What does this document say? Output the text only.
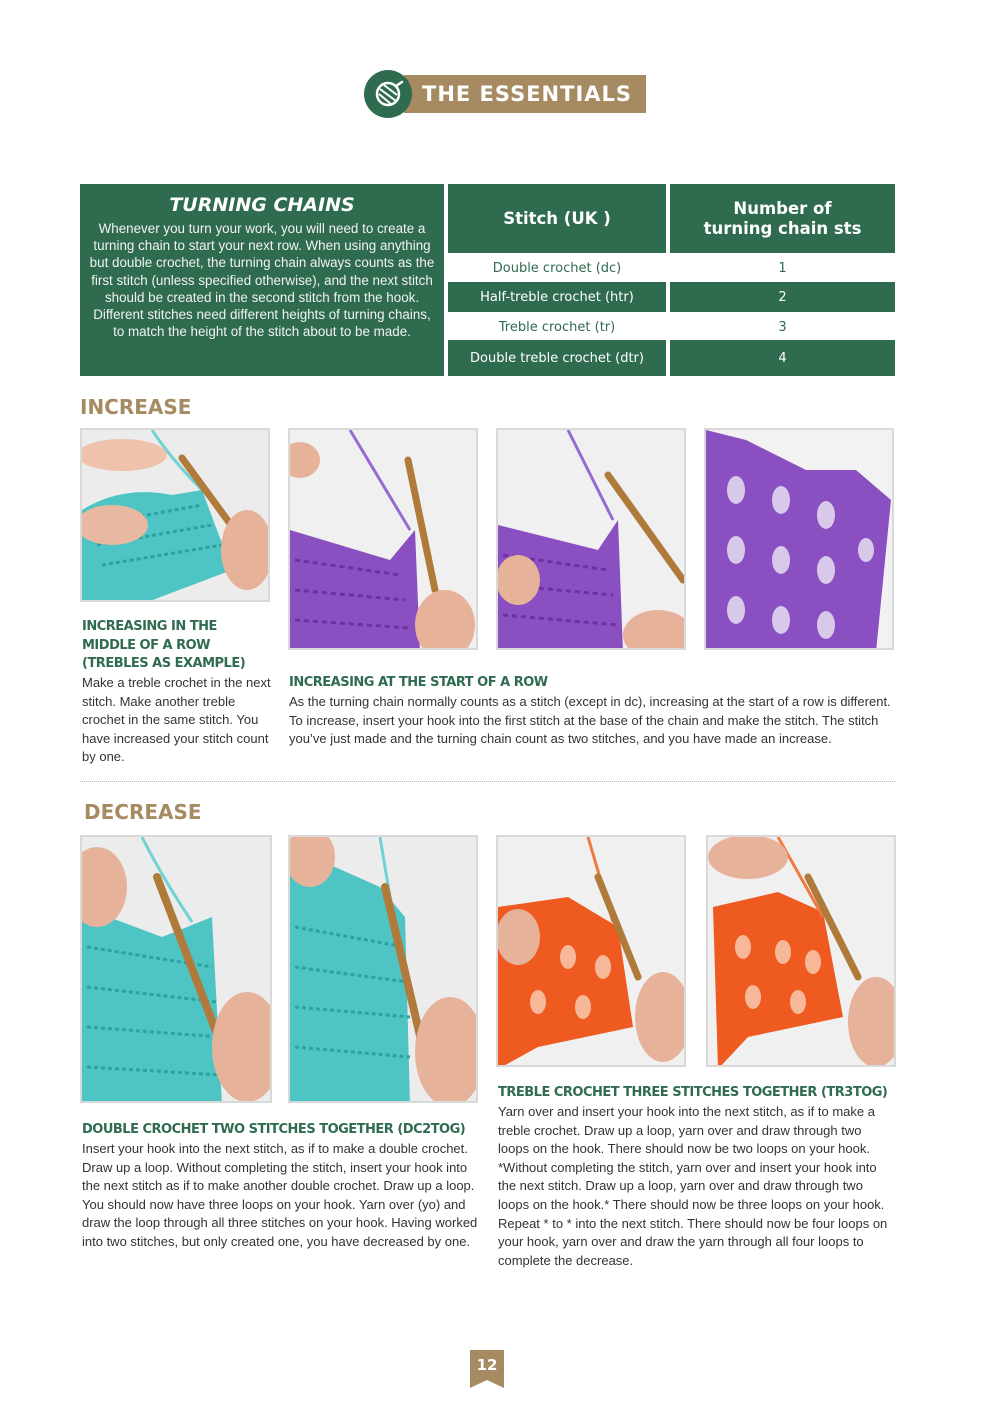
THE ESSENTIALS
TURNING CHAINS
Whenever you turn your work, you will need to create a turning chain to start your next row. When using anything but double crochet, the turning chain always counts as the first stitch (unless specified otherwise), and the next stitch should be created in the second stitch from the hook. Different stitches need different heights of turning chains, to match the height of the stitch about to be made.
Stitch (UK )
Number of turning chain sts
Double crochet (dc)	1
Half-treble crochet (htr)	2
Treble crochet (tr)	3
Double treble crochet (dtr)	4
INCREASE
INCREASING IN THE MIDDLE OF A ROW (TREBLES AS EXAMPLE)
Make a treble crochet in the next stitch. Make another treble crochet in the same stitch. You have increased your stitch count by one.
INCREASING AT THE START OF A ROW
As the turning chain normally counts as a stitch (except in dc), increasing at the start of a row is different. To increase, insert your hook into the first stitch at the base of the chain and make the stitch. The stitch you’ve just made and the turning chain count as two stitches, and you have made an increase.
DECREASE
TREBLE CROCHET THREE STITCHES TOGETHER (TR3TOG)
Yarn over and insert your hook into the next stitch, as if to make a treble crochet. Draw up a loop, yarn over and draw through two loops on the hook. There should now be two loops on your hook. *Without completing the stitch, yarn over and insert your hook into the next stitch. Draw up a loop, yarn over and draw through two loops on the hook.* There should now be three loops on your hook. Repeat * to * into the next stitch. There should now be four loops on your hook, yarn over and draw the yarn through all four loops to complete the decrease.
DOUBLE CROCHET TWO STITCHES TOGETHER (DC2TOG)
Insert your hook into the next stitch, as if to make a double crochet. Draw up a loop. Without completing the stitch, insert your hook into the next stitch as if to make another double crochet. Draw up a loop. You should now have three loops on your hook. Yarn over (yo) and draw the loop through all three stitches on your hook. Having worked into two stitches, but only created one, you have decreased by one.
12
